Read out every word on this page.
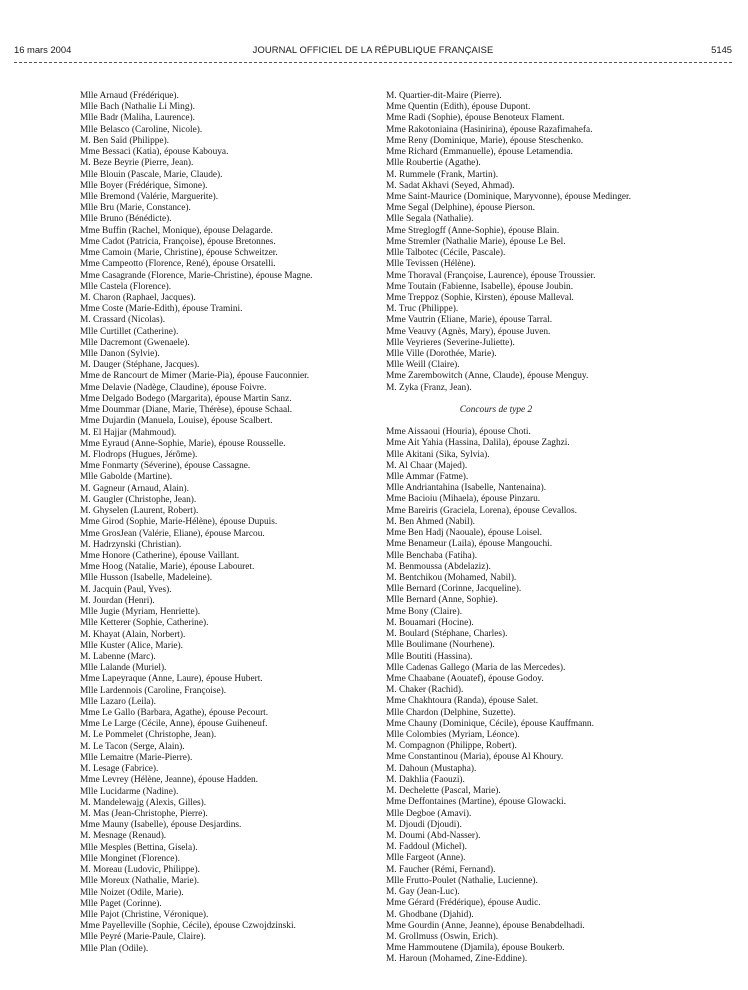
16 mars 2004	JOURNAL OFFICIEL DE LA RÉPUBLIQUE FRANÇAISE	5145
Mlle Arnaud (Frédérique).
Mlle Bach (Nathalie Li Ming).
Mlle Badr (Maliha, Laurence).
Mlle Belasco (Caroline, Nicole).
M. Ben Saïd (Philippe).
Mme Bessaci (Katia), épouse Kabouya.
M. Beze Beyrie (Pierre, Jean).
Mlle Blouin (Pascale, Marie, Claude).
Mlle Boyer (Frédérique, Simone).
Mlle Bremond (Valérie, Marguerite).
Mlle Bru (Marie, Constance).
Mlle Bruno (Bénédicte).
Mme Buffin (Rachel, Monique), épouse Delagarde.
Mme Cadot (Patricia, Françoise), épouse Bretonnes.
Mme Camoin (Marie, Christine), épouse Schweitzer.
Mme Campeotto (Florence, René), épouse Orsatelli.
Mme Casagrande (Florence, Marie-Christine), épouse Magne.
Mlle Castela (Florence).
M. Charon (Raphael, Jacques).
Mme Coste (Marie-Edith), épouse Tramini.
M. Crassard (Nicolas).
Mlle Curtillet (Catherine).
Mlle Dacremont (Gwenaele).
Mlle Danon (Sylvie).
M. Dauger (Stéphane, Jacques).
Mme de Rancourt de Mimer (Marie-Pia), épouse Fauconnier.
Mme Delavie (Nadège, Claudine), épouse Foivre.
Mme Delgado Bodego (Margarita), épouse Martin Sanz.
Mme Doummar (Diane, Marie, Thérèse), épouse Schaal.
Mme Dujardin (Manuela, Louise), épouse Scalbert.
M. El Hajjar (Mahmoud).
Mme Eyraud (Anne-Sophie, Marie), épouse Rousselle.
M. Flodrops (Hugues, Jérôme).
Mme Fonmarty (Séverine), épouse Cassagne.
Mlle Gabolde (Martine).
M. Gagneur (Arnaud, Alain).
M. Gaugler (Christophe, Jean).
M. Ghyselen (Laurent, Robert).
Mme Girod (Sophie, Marie-Hélène), épouse Dupuis.
Mme GrosJean (Valérie, Eliane), épouse Marcou.
M. Hadrzynski (Christian).
Mme Honore (Catherine), épouse Vaillant.
Mme Hoog (Natalie, Marie), épouse Labouret.
Mlle Husson (Isabelle, Madeleine).
M. Jacquin (Paul, Yves).
M. Jourdan (Henri).
Mlle Jugie (Myriam, Henriette).
Mlle Ketterer (Sophie, Catherine).
M. Khayat (Alain, Norbert).
Mlle Kuster (Alice, Marie).
M. Labenne (Marc).
Mlle Lalande (Muriel).
Mme Lapeyraque (Anne, Laure), épouse Hubert.
Mlle Lardennois (Caroline, Françoise).
Mlle Lazaro (Leila).
Mme Le Gallo (Barbara, Agathe), épouse Pecourt.
Mme Le Large (Cécile, Anne), épouse Guiheneuf.
M. Le Pommelet (Christophe, Jean).
M. Le Tacon (Serge, Alain).
Mlle Lemaitre (Marie-Pierre).
M. Lesage (Fabrice).
Mme Levrey (Hélène, Jeanne), épouse Hadden.
Mlle Lucidarme (Nadine).
M. Mandelewajg (Alexis, Gilles).
M. Mas (Jean-Christophe, Pierre).
Mme Mauny (Isabelle), épouse Desjardins.
M. Mesnage (Renaud).
Mlle Mesples (Bettina, Gisela).
Mlle Monginet (Florence).
M. Moreau (Ludovic, Philippe).
Mlle Moreux (Nathalie, Marie).
Mlle Noizet (Odile, Marie).
Mlle Paget (Corinne).
Mlle Pajot (Christine, Véronique).
Mme Payelleville (Sophie, Cécile), épouse Czwojdzinski.
Mlle Peyré (Marie-Paule, Claire).
Mlle Plan (Odile).
M. Quartier-dit-Maire (Pierre).
Mme Quentin (Edith), épouse Dupont.
Mme Radi (Sophie), épouse Benoteux Flament.
Mme Rakotoniaina (Hasinirina), épouse Razafimahefa.
Mme Reny (Dominique, Marie), épouse Steschenko.
Mme Richard (Emmanuelle), épouse Letamendia.
Mlle Roubertie (Agathe).
M. Rummele (Frank, Martin).
M. Sadat Akhavi (Seyed, Ahmad).
Mme Saint-Maurice (Dominique, Maryvonne), épouse Medinger.
Mme Segal (Delphine), épouse Pierson.
Mlle Segala (Nathalie).
Mme Streglogff (Anne-Sophie), épouse Blain.
Mme Stremler (Nathalie Marie), épouse Le Bel.
Mlle Talbotec (Cécile, Pascale).
Mlle Tevissen (Hélène).
Mme Thoraval (Françoise, Laurence), épouse Troussier.
Mme Toutain (Fabienne, Isabelle), épouse Joubin.
Mme Treppoz (Sophie, Kirsten), épouse Malleval.
M. Truc (Philippe).
Mme Vautrin (Eliane, Marie), épouse Tarral.
Mme Veauvy (Agnès, Mary), épouse Juven.
Mlle Veyrieres (Severine-Juliette).
Mlle Ville (Dorothée, Marie).
Mlle Weill (Claire).
Mme Zarembowitch (Anne, Claude), épouse Menguy.
M. Zyka (Franz, Jean).
Concours de type 2
Mme Aissaoui (Houria), épouse Choti.
Mme Ait Yahia (Hassina, Dalila), épouse Zaghzi.
Mlle Akitani (Sika, Sylvia).
M. Al Chaar (Majed).
Mlle Ammar (Fatme).
Mlle Andriantahina (Isabelle, Nantenaina).
Mme Bacioiu (Mihaela), épouse Pinzaru.
Mme Bareiris (Graciela, Lorena), épouse Cevallos.
M. Ben Ahmed (Nabil).
Mme Ben Hadj (Naouale), épouse Loisel.
Mme Benameur (Laila), épouse Mangouchi.
Mlle Benchaba (Fatiha).
M. Benmoussa (Abdelaziz).
M. Bentchikou (Mohamed, Nabil).
Mlle Bernard (Corinne, Jacqueline).
Mlle Bernard (Anne, Sophie).
Mme Bony (Claire).
M. Bouamari (Hocine).
M. Boulard (Stéphane, Charles).
Mlle Boulimane (Nourhene).
Mlle Boutiti (Hassina).
Mlle Cadenas Gallego (Maria de las Mercedes).
Mme Chaabane (Aouatef), épouse Godoy.
M. Chaker (Rachid).
Mme Chakhtoura (Randa), épouse Salet.
Mlle Chardon (Delphine, Suzette).
Mme Chauny (Dominique, Cécile), épouse Kauffmann.
Mlle Colombies (Myriam, Léonce).
M. Compagnon (Philippe, Robert).
Mme Constantinou (Maria), épouse Al Khoury.
M. Dahoun (Mustapha).
M. Dakhlia (Faouzi).
M. Dechelette (Pascal, Marie).
Mme Deffontaines (Martine), épouse Glowacki.
Mlle Degboe (Amavi).
M. Djoudi (Djoudi).
M. Doumi (Abd-Nasser).
M. Faddoul (Michel).
Mlle Fargeot (Anne).
M. Faucher (Rémi, Fernand).
Mlle Frutto-Poulet (Nathalie, Lucienne).
M. Gay (Jean-Luc).
Mme Gérard (Frédérique), épouse Audic.
M. Ghodbane (Djahid).
Mme Gourdin (Anne, Jeanne), épouse Benabdelhadi.
M. Grollmuss (Oswin, Erich).
Mme Hammoutene (Djamila), épouse Boukerb.
M. Haroun (Mohamed, Zine-Eddine).
